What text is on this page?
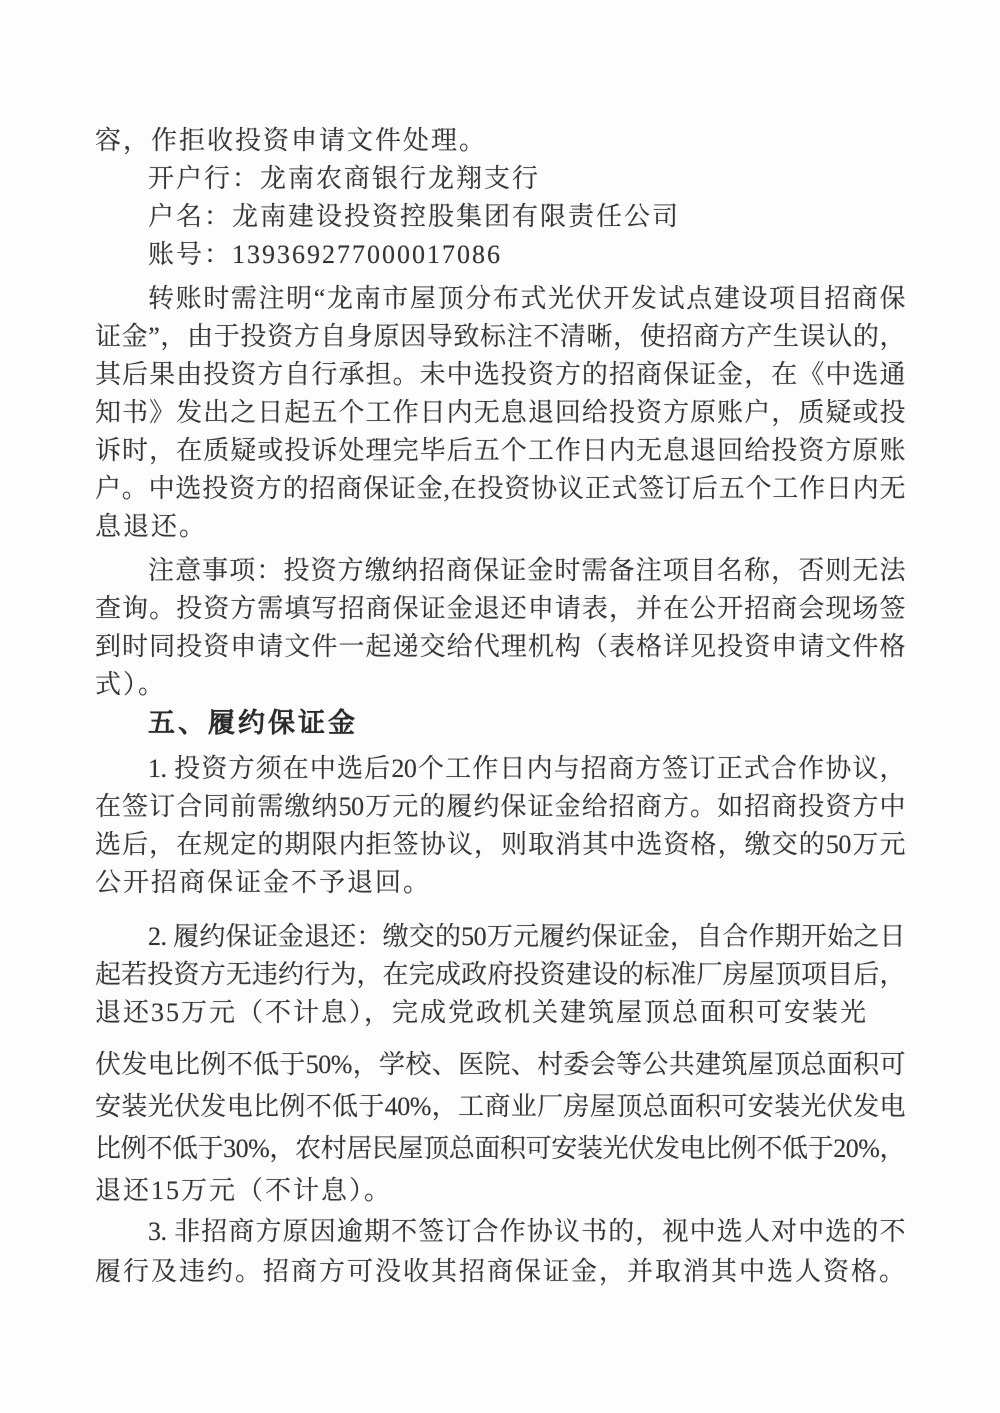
容，作拒收投资申请文件处理。
开户行：龙南农商银行龙翔支行
户名：龙南建设投资控股集团有限责任公司
账号：139369277000017086
转账时需注明“龙南市屋顶分布式光伏开发试点建设项目招商保
证金”，由于投资方自身原因导致标注不清晰，使招商方产生误认的，
其后果由投资方自行承担。未中选投资方的招商保证金，在《中选通
知书》发出之日起五个工作日内无息退回给投资方原账户，质疑或投
诉时，在质疑或投诉处理完毕后五个工作日内无息退回给投资方原账
户。中选投资方的招商保证金,在投资协议正式签订后五个工作日内无
息退还。
注意事项：投资方缴纳招商保证金时需备注项目名称，否则无法
查询。投资方需填写招商保证金退还申请表，并在公开招商会现场签
到时同投资申请文件一起递交给代理机构（表格详见投资申请文件格
式）。
五、履约保证金
1. 投资方须在中选后20个工作日内与招商方签订正式合作协议，
在签订合同前需缴纳50万元的履约保证金给招商方。如招商投资方中
选后，在规定的期限内拒签协议，则取消其中选资格，缴交的50万元
公开招商保证金不予退回。
2. 履约保证金退还：缴交的50万元履约保证金，自合作期开始之日
起若投资方无违约行为，在完成政府投资建设的标准厂房屋顶项目后，
退还35万元（不计息），完成党政机关建筑屋顶总面积可安装光
伏发电比例不低于50%，学校、医院、村委会等公共建筑屋顶总面积可
安装光伏发电比例不低于40%，工商业厂房屋顶总面积可安装光伏发电
比例不低于30%，农村居民屋顶总面积可安装光伏发电比例不低于20%，
退还15万元（不计息）。
3. 非招商方原因逾期不签订合作协议书的，视中选人对中选的不
履行及违约。招商方可没收其招商保证金，并取消其中选人资格。
